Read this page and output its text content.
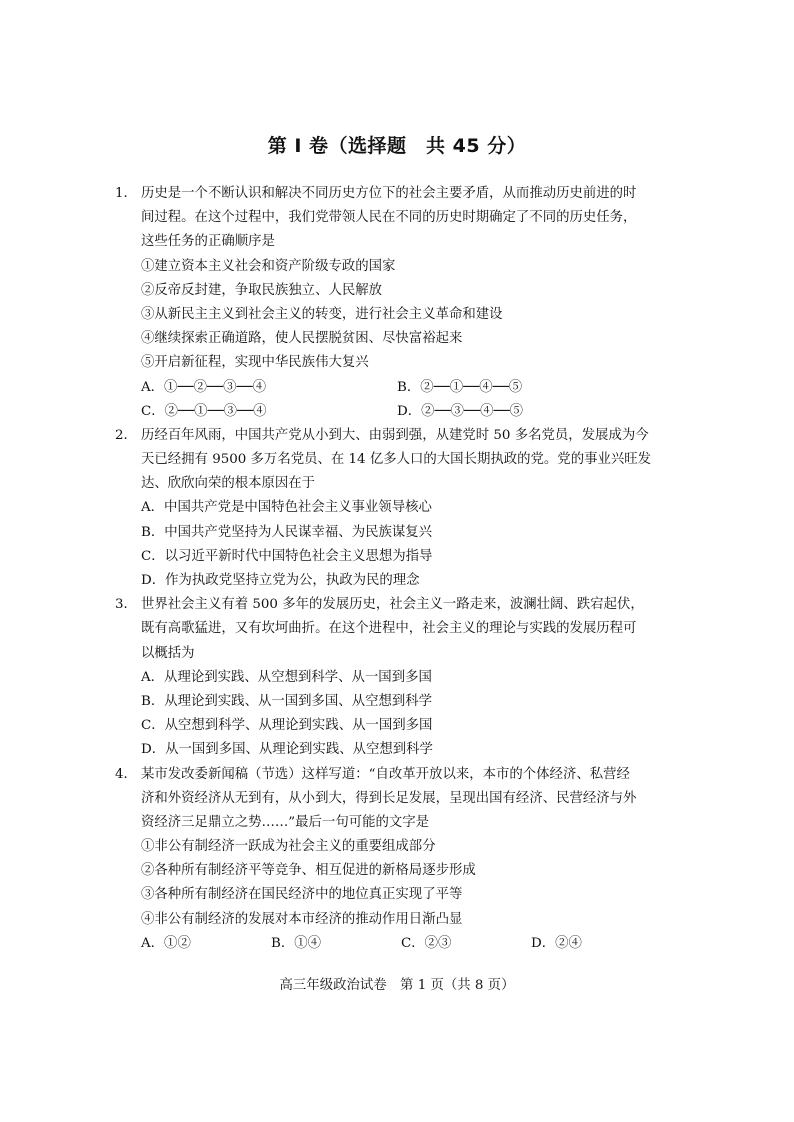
第 I 卷（选择题　共 45 分）
1． 历史是一个不断认识和解决不同历史方位下的社会主要矛盾，从而推动历史前进的时
间过程。在这个过程中，我们党带领人民在不同的历史时期确定了不同的历史任务，
这些任务的正确顺序是
①建立资本主义社会和资产阶级专政的国家
②反帝反封建，争取民族独立、人民解放
③从新民主主义到社会主义的转变，进行社会主义革命和建设
④继续探索正确道路，使人民摆脱贫困、尽快富裕起来
⑤开启新征程，实现中华民族伟大复兴
A．①──②──③──④	B．②──①──④──⑤
C．②──①──③──④	D．②──③──④──⑤
2． 历经百年风雨，中国共产党从小到大、由弱到强，从建党时 50 多名党员，发展成为今
天已经拥有 9500 多万名党员、在 14 亿多人口的大国长期执政的党。党的事业兴旺发
达、欣欣向荣的根本原因在于
A．中国共产党是中国特色社会主义事业领导核心
B．中国共产党坚持为人民谋幸福、为民族谋复兴
C．以习近平新时代中国特色社会主义思想为指导
D．作为执政党坚持立党为公，执政为民的理念
3． 世界社会主义有着 500 多年的发展历史，社会主义一路走来，波澜壮阔、跌宕起伏，
既有高歌猛进，又有坎坷曲折。在这个进程中，社会主义的理论与实践的发展历程可
以概括为
A．从理论到实践、从空想到科学、从一国到多国
B．从理论到实践、从一国到多国、从空想到科学
C．从空想到科学、从理论到实践、从一国到多国
D．从一国到多国、从理论到实践、从空想到科学
4． 某市发改委新闻稿（节选）这样写道：“自改革开放以来，本市的个体经济、私营经
济和外资经济从无到有，从小到大，得到长足发展，呈现出国有经济、民营经济与外
资经济三足鼎立之势……”最后一句可能的文字是
①非公有制经济一跃成为社会主义的重要组成部分
②各种所有制经济平等竞争、相互促进的新格局逐步形成
③各种所有制经济在国民经济中的地位真正实现了平等
④非公有制经济的发展对本市经济的推动作用日渐凸显
A．①②	B．①④	C．②③	D．②④
高三年级政治试卷　第 1 页（共 8 页）
